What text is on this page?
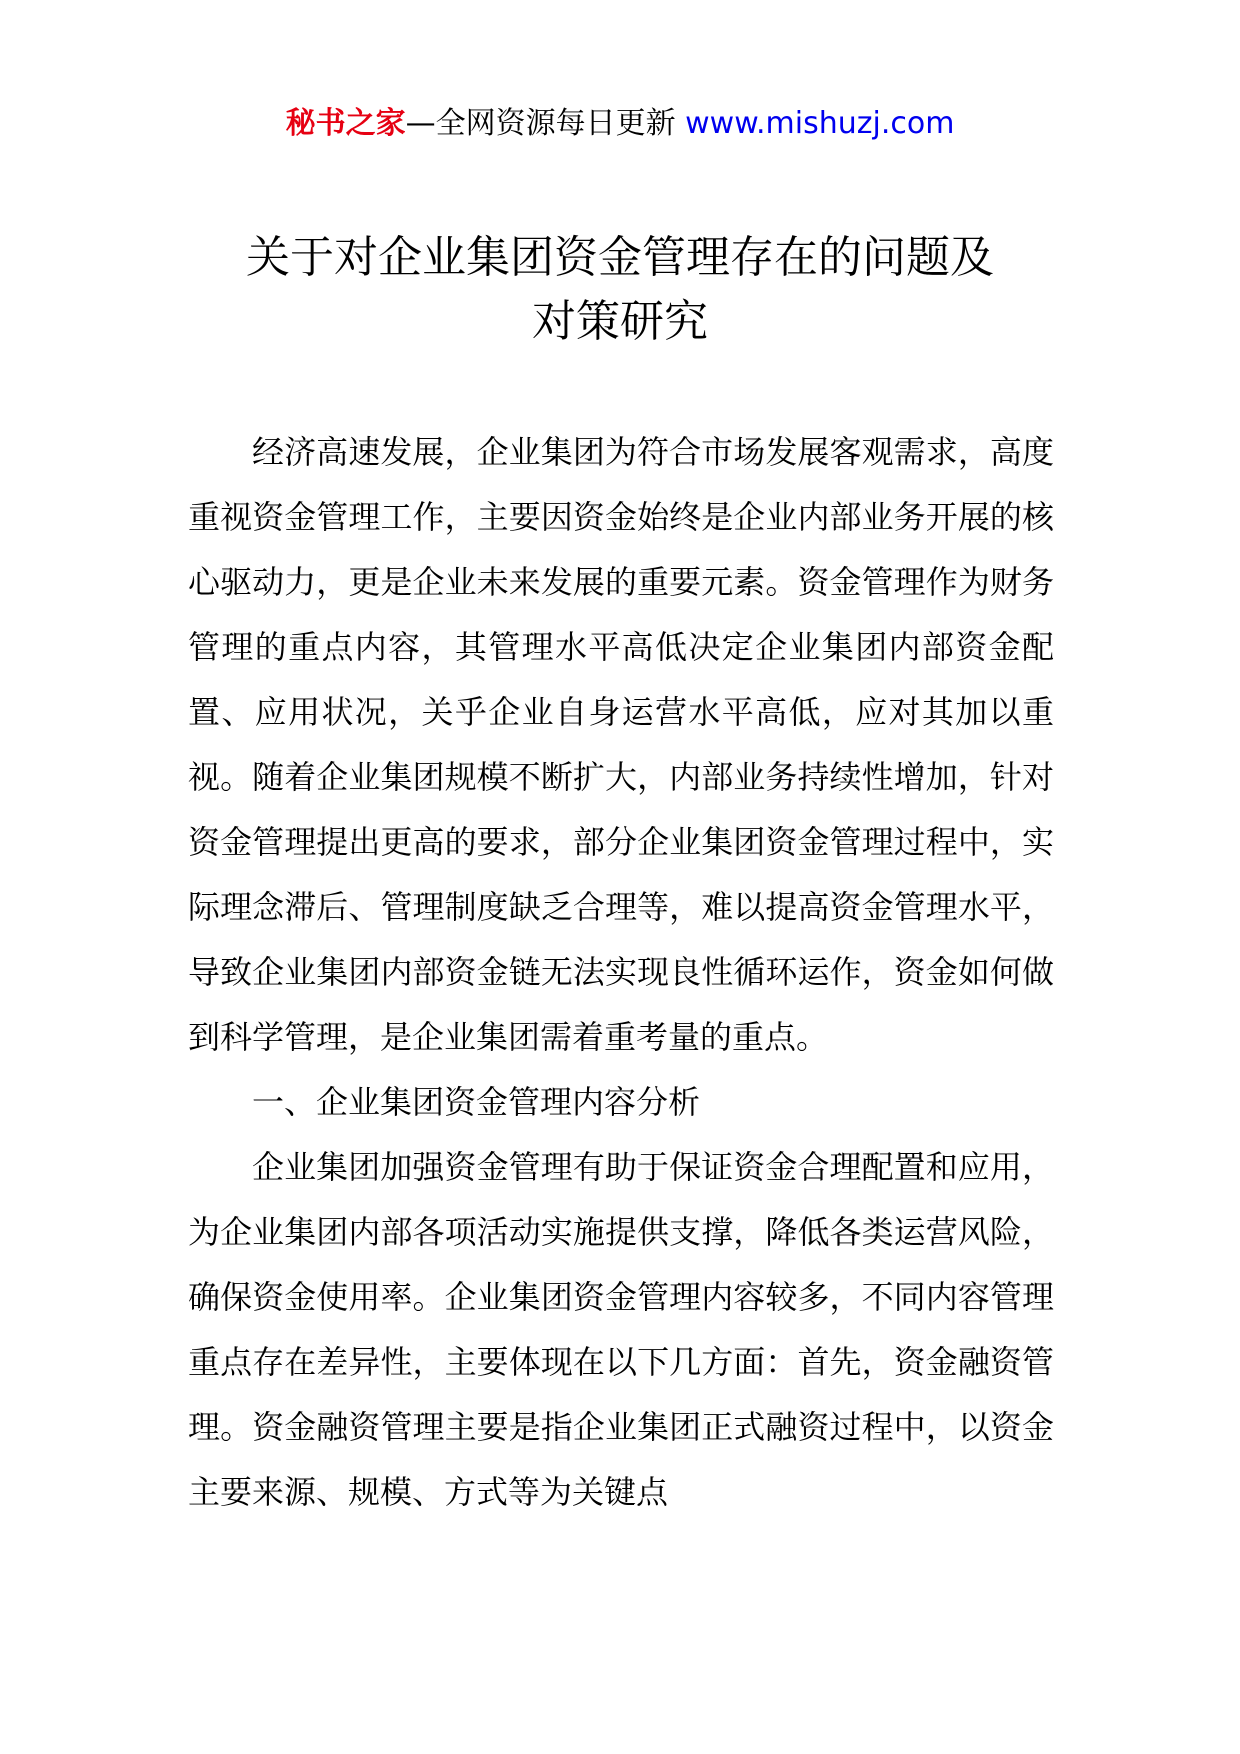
秘书之家—全网资源每日更新 www.mishuzj.com
关于对企业集团资金管理存在的问题及
对策研究

经济高速发展，企业集团为符合市场发展客观需求，高度重视资金管理工作，主要因资金始终是企业内部业务开展的核心驱动力，更是企业未来发展的重要元素。资金管理作为财务管理的重点内容，其管理水平高低决定企业集团内部资金配置、应用状况，关乎企业自身运营水平高低，应对其加以重视。随着企业集团规模不断扩大，内部业务持续性增加，针对资金管理提出更高的要求，部分企业集团资金管理过程中，实际理念滞后、管理制度缺乏合理等，难以提高资金管理水平，导致企业集团内部资金链无法实现良性循环运作，资金如何做到科学管理，是企业集团需着重考量的重点。

一、企业集团资金管理内容分析

企业集团加强资金管理有助于保证资金合理配置和应用，为企业集团内部各项活动实施提供支撑，降低各类运营风险，确保资金使用率。企业集团资金管理内容较多，不同内容管理重点存在差异性，主要体现在以下几方面：首先，资金融资管理。资金融资管理主要是指企业集团正式融资过程中，以资金主要来源、规模、方式等为关键点
